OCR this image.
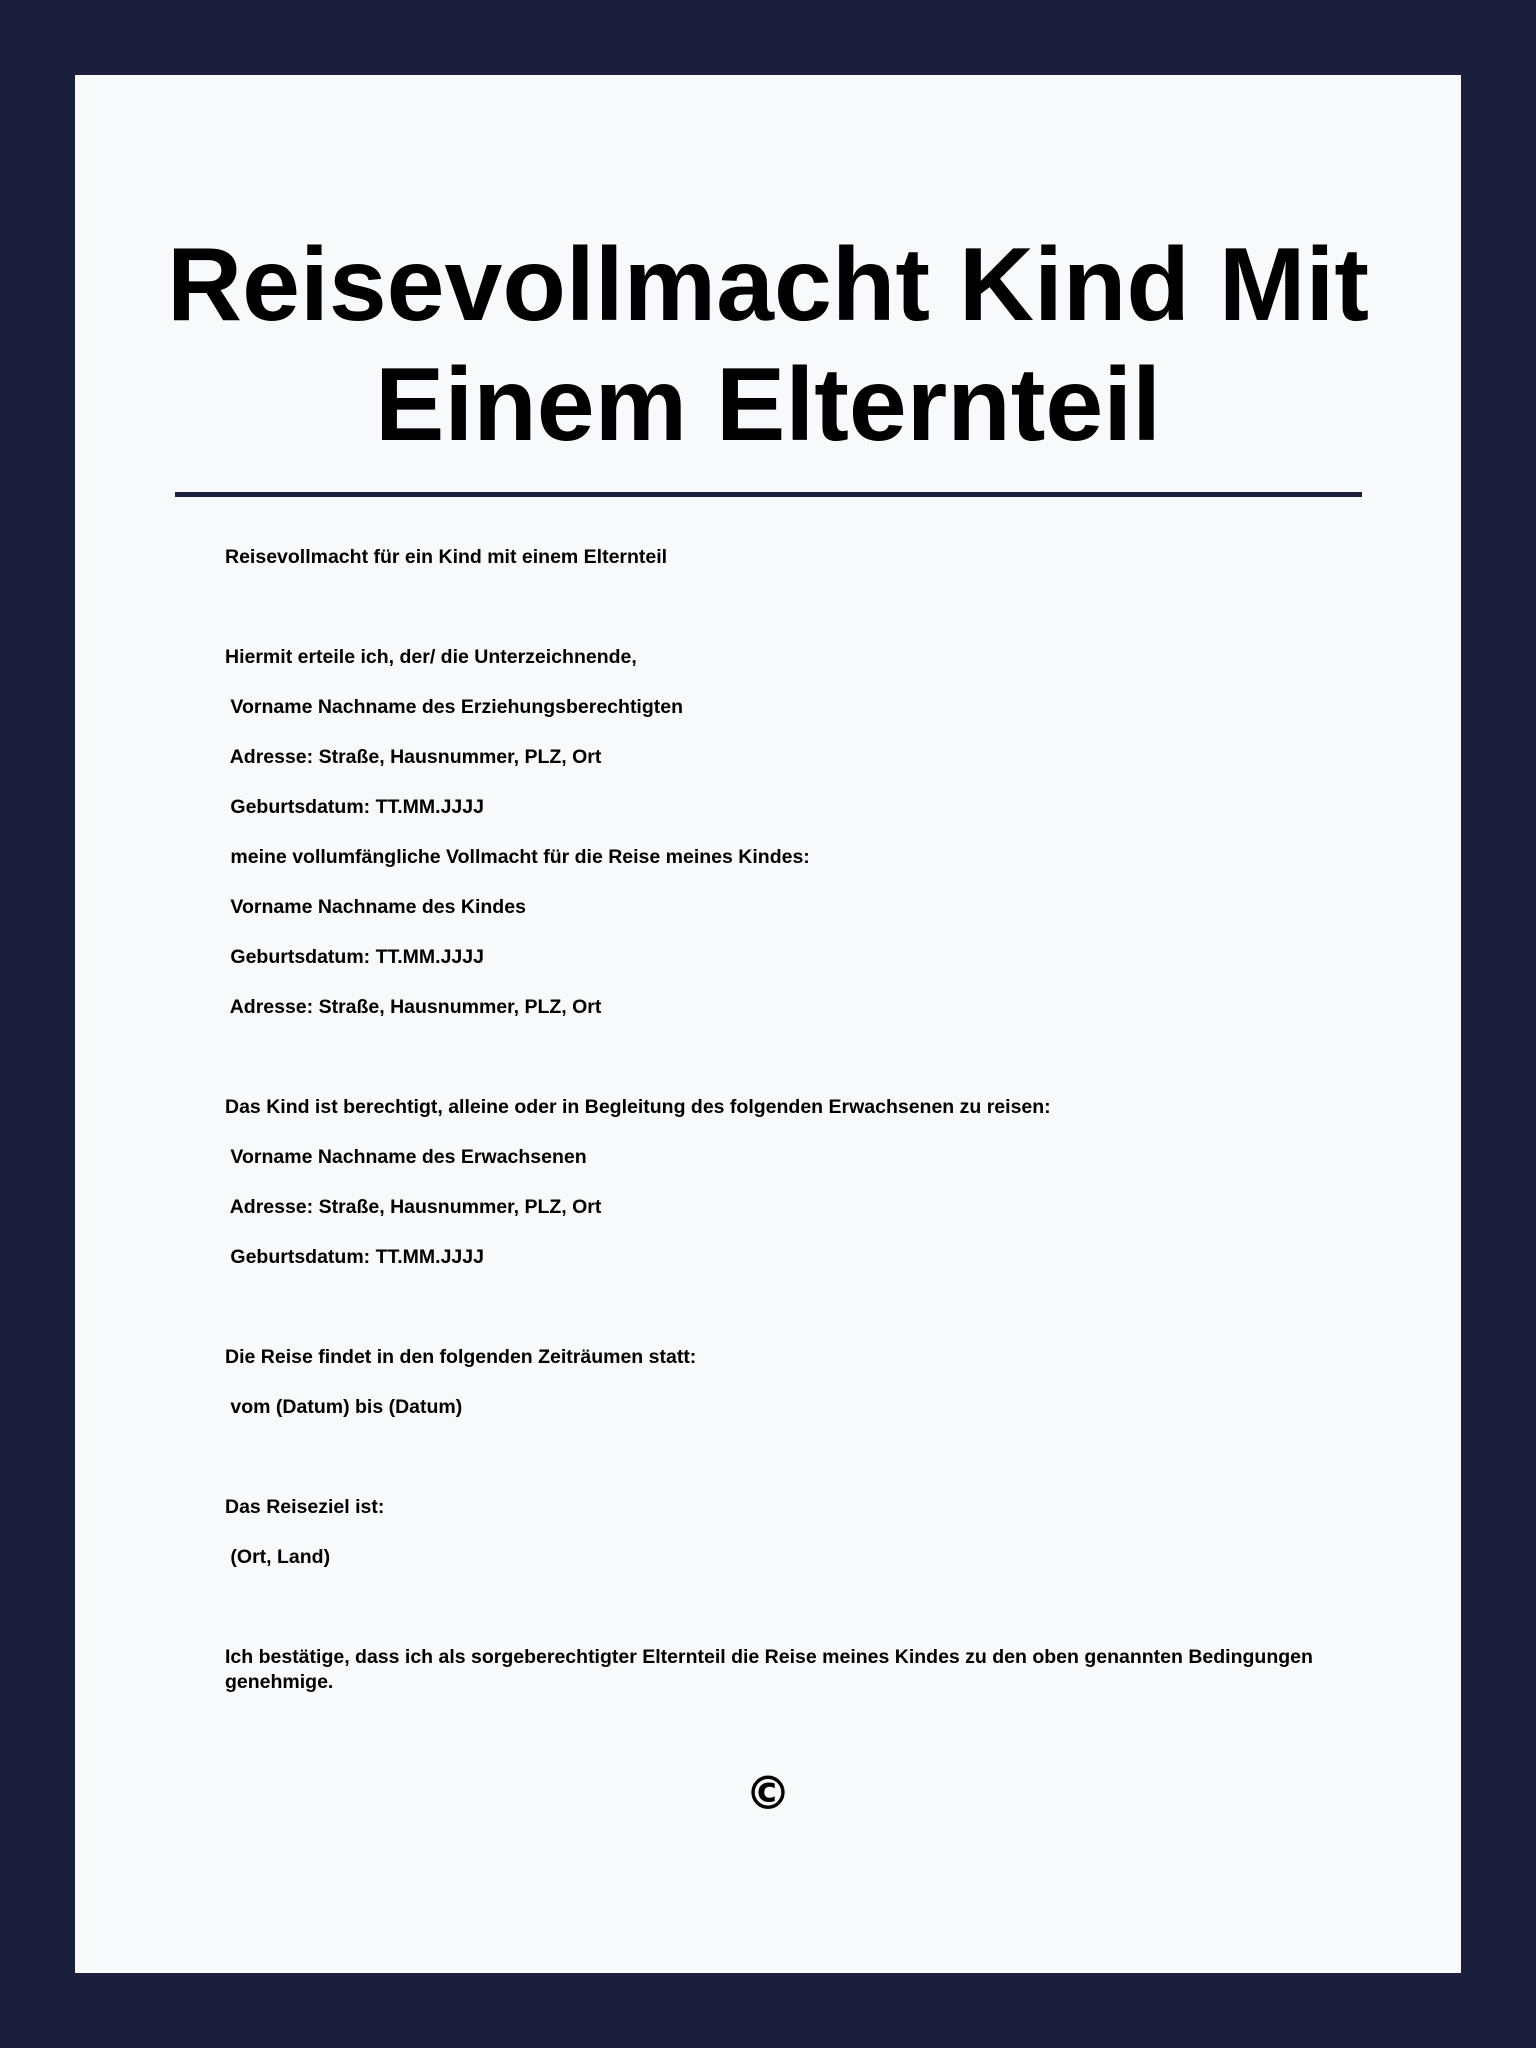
Reisevollmacht Kind Mit
Einem Elternteil

Reisevollmacht für ein Kind mit einem Elternteil

Hiermit erteile ich, der/ die Unterzeichnende,

Vorname Nachname des Erziehungsberechtigten

Adresse: Straße, Hausnummer, PLZ, Ort

Geburtsdatum: TT.MM.JJJJ

meine vollumfängliche Vollmacht für die Reise meines Kindes:

Vorname Nachname des Kindes

Geburtsdatum: TT.MM.JJJJ

Adresse: Straße, Hausnummer, PLZ, Ort

Das Kind ist berechtigt, alleine oder in Begleitung des folgenden Erwachsenen zu reisen:

Vorname Nachname des Erwachsenen

Adresse: Straße, Hausnummer, PLZ, Ort

Geburtsdatum: TT.MM.JJJJ

Die Reise findet in den folgenden Zeiträumen statt:

vom (Datum) bis (Datum)

Das Reiseziel ist:

(Ort, Land)

Ich bestätige, dass ich als sorgeberechtigter Elternteil die Reise meines Kindes zu den oben genannten Bedingungen genehmige.

©
